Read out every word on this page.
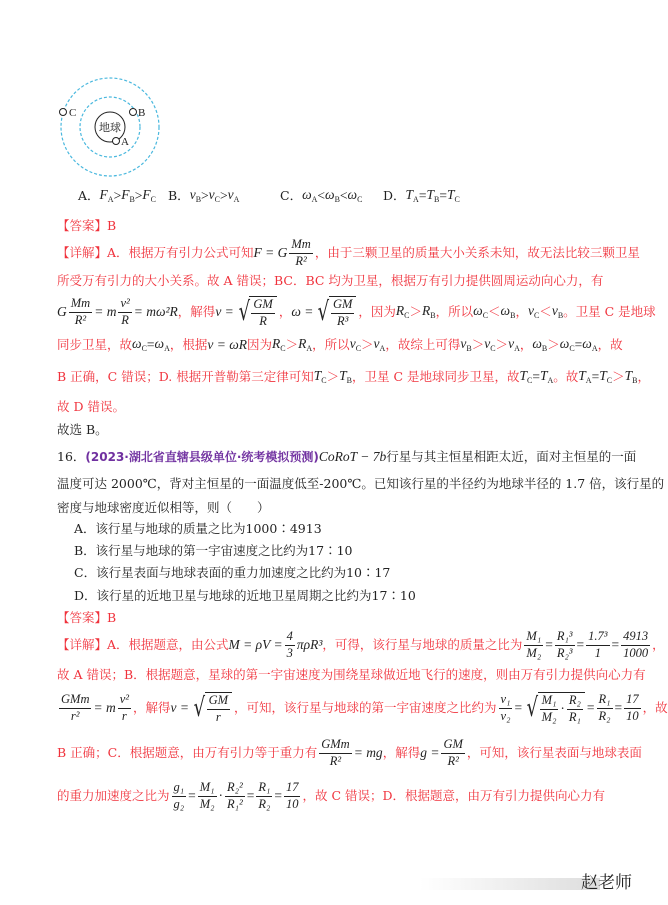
地球
A
B
C
A． $F_A > F_B > F_C$ B． $v_B > v_C > v_A$	C． $\omega_A < \omega_B < \omega_C$ D． $T_A = T_B = T_C$
【答案】B
【详解】A．根据万有引力公式可知 F = G $\frac{Mm}{\text{R²}}$ ，由于三颗卫星的质量大小关系未知，故无法比较三颗卫星
所受万有引力的大小关系。故 A 错误；BC．BC 均为卫星，根据万有引力提供圆周运动向心力，有
G $\frac{Mm}{\text{R²}} = m \frac{\text{v²}}{R} = m\omega^2R$ ，解得 v = √ $\frac{GM}{R}$ ， ω = √ $\frac{GM}{\text{R³}}$ ，因为 $R_C > R_B$ ，所以 $\omega_C < \omega_B$ ， $v_C < v_B$ 。卫星 C 是地球
同步卫星，故 $\omega_C = \omega_A$ ，根据 v = ωR 因为 $R_C > R_A$ ，所以 $v_C > v_A$ ，故综上可得 $v_B > v_C > v_A$ ， $\omega_B > \omega_C = \omega_A$ ，故
B 正确，C 错误；D. 根据开普勒第三定律可知 $T_C > T_B$ ，卫星 C 是地球同步卫星，故 $T_C = T_A$ 。故 $T_A = T_C > T_B$ ，
故 D 错误。
故选 B。
16． (2023·湖北省直辖县级单位·统考模拟预测) CoRoT − 7b 行星与其主恒星相距太近，面对主恒星的一面
温度可达 2000℃，背对主恒星的一面温度低至-200℃。已知该行星的半径约为地球半径的 1.7 倍，该行星的
密度与地球密度近似相等，则（　　）
A．该行星与地球的质量之比为1000∶4913
B．该行星与地球的第一宇宙速度之比约为17∶10
C．该行星表面与地球表面的重力加速度之比约为10∶17
D．该行星的近地卫星与地球的近地卫星周期之比约为17∶10
【答案】B
【详解】A．根据题意，由公式 $M = \rho V = \frac{4}{3} \pi\rho R^3$ ，可得，该行星与地球的质量之比为 $\frac{\text{M₁}}{\text{M₂}} = \frac{\text{R₁³}}{\text{R₂³}} = \frac{\text{1.7³}}{1} = \frac{4913}{1000}$ ，
故 A 错误；B．根据题意，星球的第一宇宙速度为围绕星球做近地飞行的速度，则由万有引力提供向心力有
$\frac{\text{GMm}}{\text{r²}} = m \frac{\text{v²}}{r}$ ，解得 v = √ $\frac{GM}{r}$ ，可知，该行星与地球的第一宇宙速度之比约为 $\frac{\text{v₁}}{\text{v₂}}$ = √ $\frac{\text{M₁}}{\text{M₂}} \cdot \frac{\text{R₂}}{\text{R₁}} = \frac{\text{R₁}}{\text{R₂}} = \frac{17}{10}$ ，故
B 正确；C．根据题意，由万有引力等于重力有 $\frac{\text{GMm}}{\text{R²}}$ = mg ，解得 $g = \frac{GM}{\text{R²}}$ ，可知，该行星表面与地球表面
的重力加速度之比为 $\frac{\text{g₁}}{\text{g₂}} = \frac{\text{M₁}}{\text{M₂}} \cdot \frac{\text{R₂²}}{\text{R₁²}} = \frac{\text{R₁}}{\text{R₂}} = \frac{17}{10}$ ，故 C 错误；D．根据题意，由万有引力提供向心力有
赵老师
